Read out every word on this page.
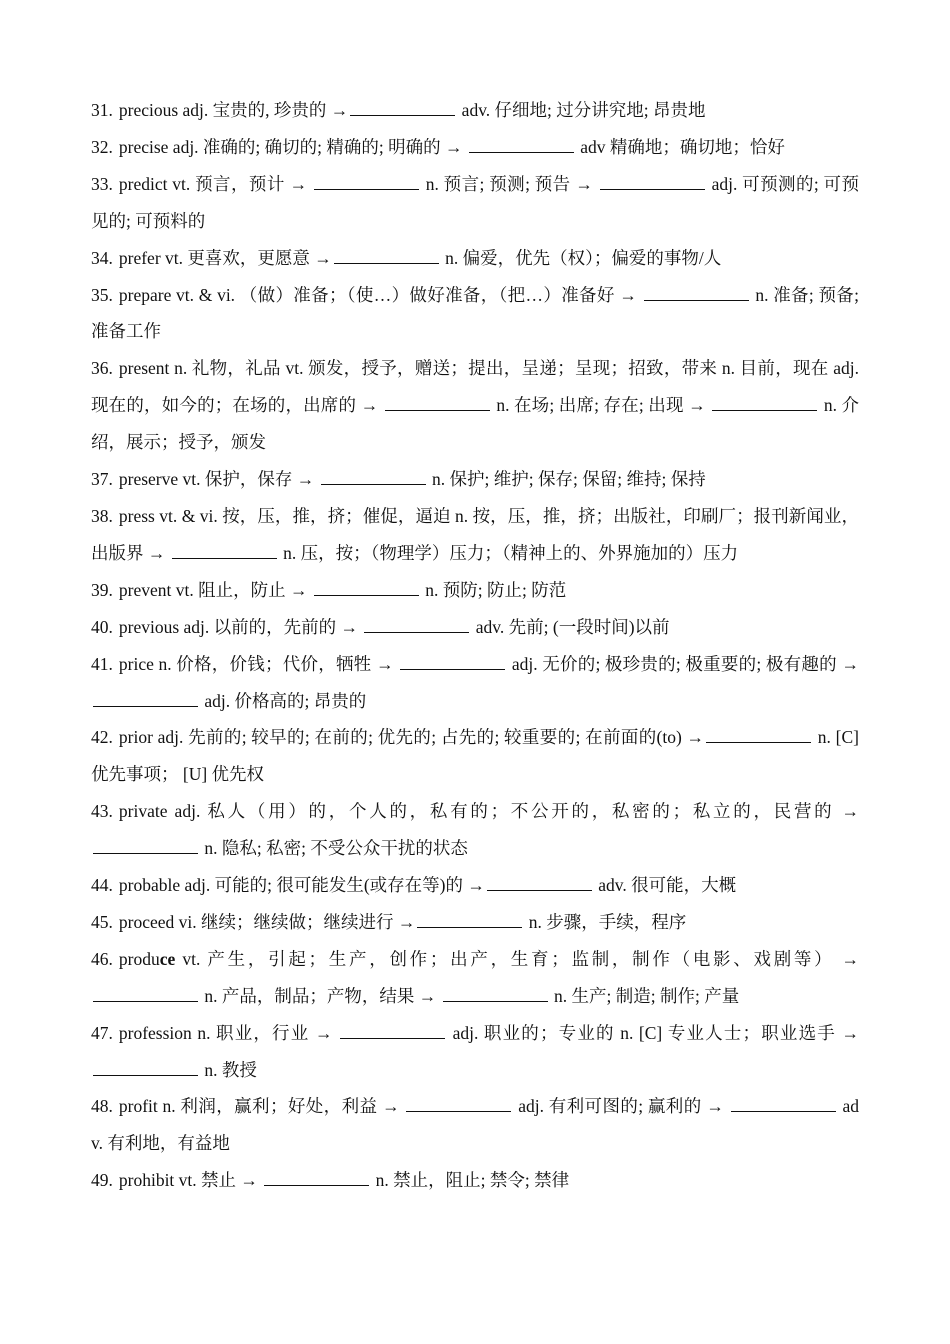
31. precious adj. 宝贵的, 珍贵的 →	adv. 仔细地; 过分讲究地; 昂贵地

32. precise adj. 准确的; 确切的; 精确的; 明确的 →	adv 精确地；确切地；恰好

33. predict vt. 预言，预计 →	n. 预言; 预测; 预告 →	adj. 可预测的; 可预见的; 可预料的

34. prefer vt. 更喜欢，更愿意 →	n. 偏爱，优先（权）；偏爱的事物/人

35. prepare vt. & vi. （做）准备；（使…）做好准备，（把…）准备好 →	n. 准备; 预备; 准备工作

36. present n. 礼物，礼品 vt. 颁发，授予，赠送；提出，呈递；呈现；招致，带来 n. 目前，现在 adj. 现在的，如今的；在场的，出席的 →	n. 在场; 出席; 存在; 出现 →	n. 介绍，展示；授予，颁发

37. preserve vt. 保护，保存 →	n. 保护; 维护; 保存; 保留; 维持; 保持

38. press vt. & vi. 按，压，推，挤；催促，逼迫 n. 按，压，推，挤；出版社，印刷厂；报刊新闻业，出版界 →	n. 压，按；（物理学）压力；（精神上的、外界施加的）压力

39. prevent vt. 阻止，防止 →	n. 预防; 防止; 防范

40. previous adj. 以前的，先前的 →	adv. 先前; (一段时间)以前

41. price n. 价格，价钱；代价，牺牲 →	adj. 无价的; 极珍贵的; 极重要的; 极有趣的 →  adj. 价格高的; 昂贵的

42. prior adj. 先前的; 较早的; 在前的; 优先的; 占先的; 较重要的; 在前面的(to) →	n. [C] 优先事项； [U] 优先权

43. private adj. 私人（用）的，个人的，私有的；不公开的，私密的；私立的，民营的 →  n. 隐私; 私密; 不受公众干扰的状态

44. probable adj. 可能的; 很可能发生(或存在等)的 →	adv. 很可能，大概

45. proceed vi. 继续；继续做；继续进行 →	n. 步骤，手续，程序

46. produce vt. 产生，引起；生产，创作；出产，生育；监制，制作（电影、戏剧等） → n. 产品，制品；产物，结果 →	n. 生产; 制造; 制作; 产量

47. profession n. 职业，行业 →	adj. 职业的；专业的 n. [C] 专业人士；职业选手 →  n. 教授

48. profit n. 利润，赢利；好处，利益 →	adj. 有利可图的; 赢利的 →	adv. 有利地，有益地

49. prohibit vt. 禁止 →	n. 禁止，阻止; 禁令; 禁律
